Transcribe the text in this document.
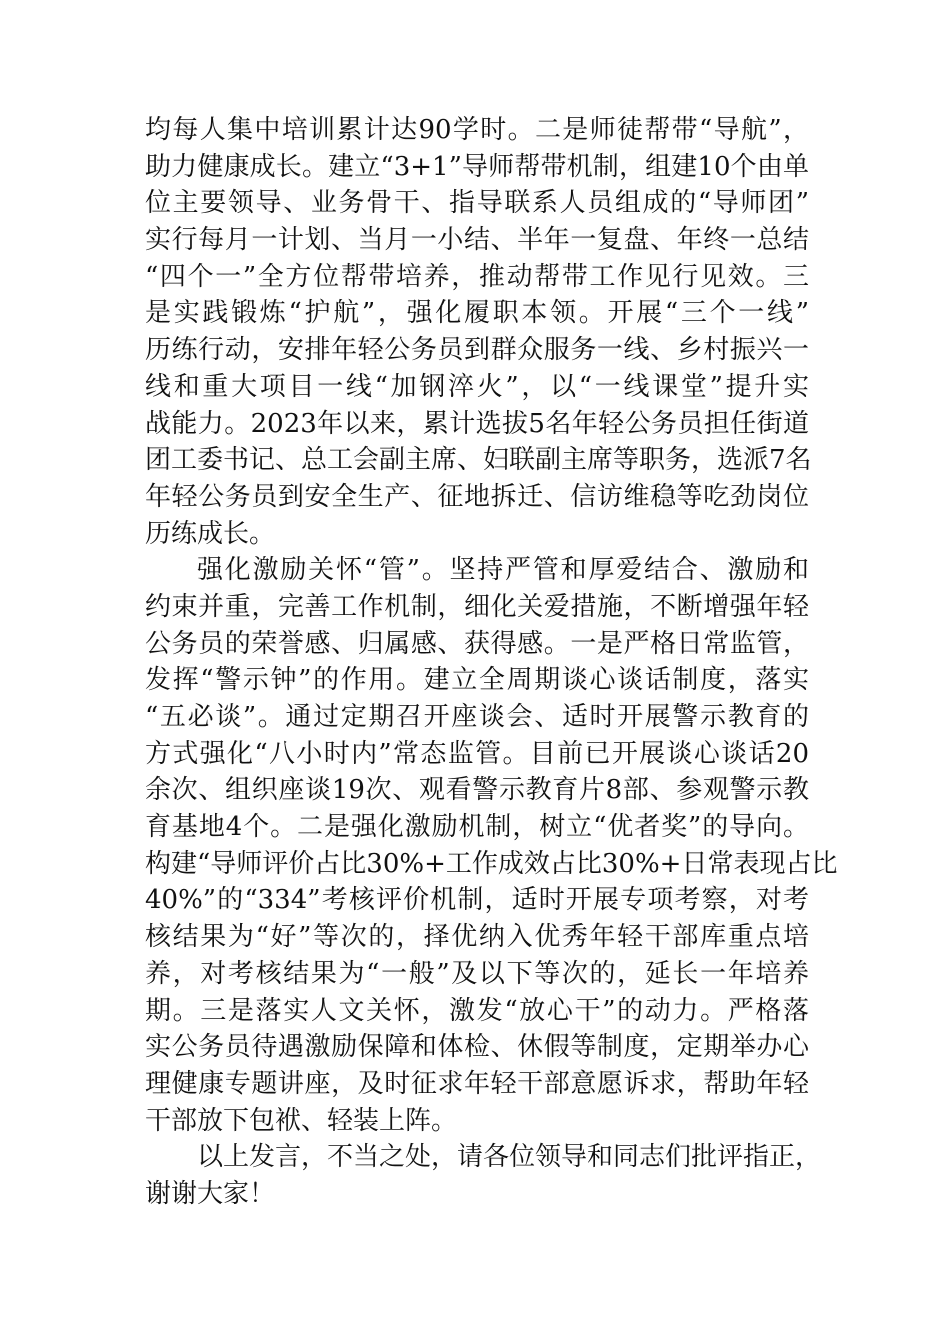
均每人集中培训累计达90学时。二是师徒帮带“导航”，
助力健康成长。建立“3+1”导师帮带机制，组建10个由单
位主要领导、业务骨干、指导联系人员组成的“导师团”
实行每月一计划、当月一小结、半年一复盘、年终一总结
“四个一”全方位帮带培养，推动帮带工作见行见效。三
是实践锻炼“护航”，强化履职本领。开展“三个一线”
历练行动，安排年轻公务员到群众服务一线、乡村振兴一
线和重大项目一线“加钢淬火”，以“一线课堂”提升实
战能力。2023年以来，累计选拔5名年轻公务员担任街道
团工委书记、总工会副主席、妇联副主席等职务，选派7名
年轻公务员到安全生产、征地拆迁、信访维稳等吃劲岗位
历练成长。
强化激励关怀“管”。坚持严管和厚爱结合、激励和
约束并重，完善工作机制，细化关爱措施，不断增强年轻
公务员的荣誉感、归属感、获得感。一是严格日常监管，
发挥“警示钟”的作用。建立全周期谈心谈话制度，落实
“五必谈”。通过定期召开座谈会、适时开展警示教育的
方式强化“八小时内”常态监管。目前已开展谈心谈话20
余次、组织座谈19次、观看警示教育片8部、参观警示教
育基地4个。二是强化激励机制，树立“优者奖”的导向。
构建“导师评价占比30%+工作成效占比30%+日常表现占比
40%”的“334”考核评价机制，适时开展专项考察，对考
核结果为“好”等次的，择优纳入优秀年轻干部库重点培
养，对考核结果为“一般”及以下等次的，延长一年培养
期。三是落实人文关怀，激发“放心干”的动力。严格落
实公务员待遇激励保障和体检、休假等制度，定期举办心
理健康专题讲座，及时征求年轻干部意愿诉求，帮助年轻
干部放下包袱、轻装上阵。
以上发言，不当之处，请各位领导和同志们批评指正，
谢谢大家！
